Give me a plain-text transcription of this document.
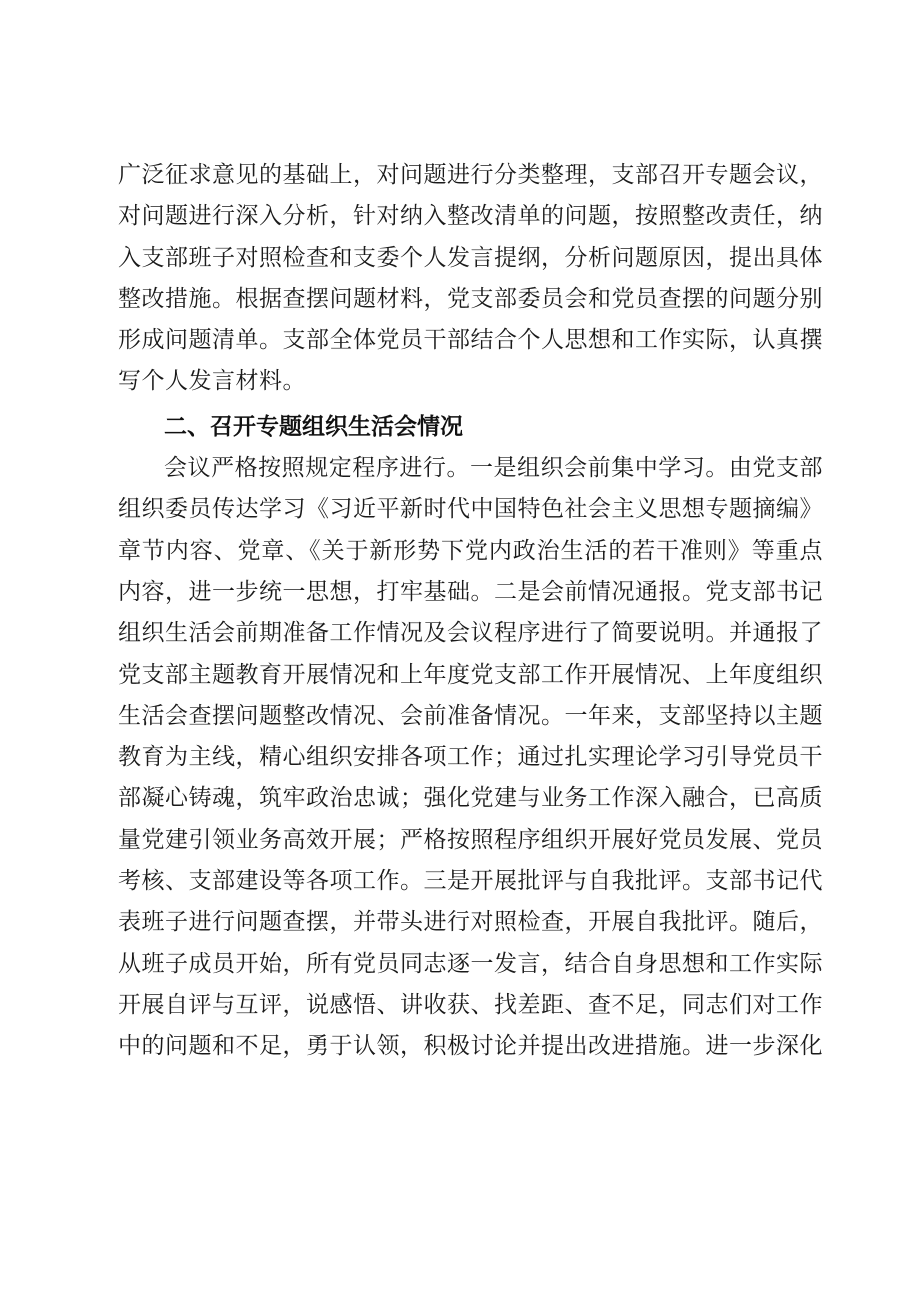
广泛征求意见的基础上，对问题进行分类整理，支部召开专题会议，
对问题进行深入分析，针对纳入整改清单的问题，按照整改责任，纳
入支部班子对照检查和支委个人发言提纲，分析问题原因，提出具体
整改措施。根据查摆问题材料，党支部委员会和党员查摆的问题分别
形成问题清单。支部全体党员干部结合个人思想和工作实际，认真撰
写个人发言材料。

二、召开专题组织生活会情况

会议严格按照规定程序进行。一是组织会前集中学习。由党支部
组织委员传达学习《习近平新时代中国特色社会主义思想专题摘编》
章节内容、党章、《关于新形势下党内政治生活的若干准则》等重点
内容，进一步统一思想，打牢基础。二是会前情况通报。党支部书记
组织生活会前期准备工作情况及会议程序进行了简要说明。并通报了
党支部主题教育开展情况和上年度党支部工作开展情况、上年度组织
生活会查摆问题整改情况、会前准备情况。一年来，支部坚持以主题
教育为主线，精心组织安排各项工作；通过扎实理论学习引导党员干
部凝心铸魂，筑牢政治忠诚；强化党建与业务工作深入融合，已高质
量党建引领业务高效开展；严格按照程序组织开展好党员发展、党员
考核、支部建设等各项工作。三是开展批评与自我批评。支部书记代
表班子进行问题查摆，并带头进行对照检查，开展自我批评。随后，
从班子成员开始，所有党员同志逐一发言，结合自身思想和工作实际
开展自评与互评，说感悟、讲收获、找差距、查不足，同志们对工作
中的问题和不足，勇于认领，积极讨论并提出改进措施。进一步深化
